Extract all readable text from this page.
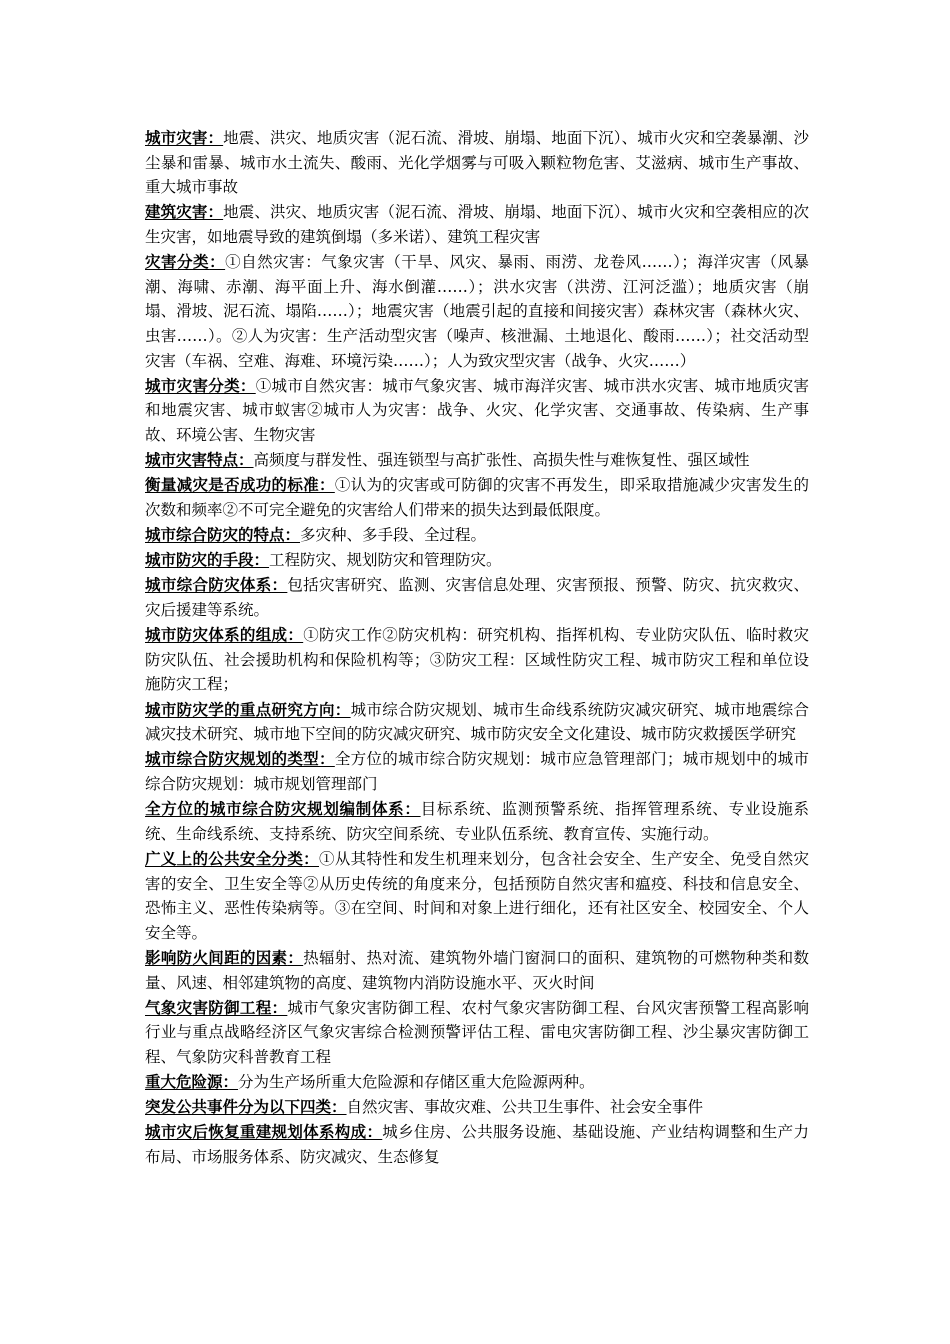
城市灾害：地震、洪灾、地质灾害（泥石流、滑坡、崩塌、地面下沉）、城市火灾和空袭暴潮、沙尘暴和雷暴、城市水土流失、酸雨、光化学烟雾与可吸入颗粒物危害、艾滋病、城市生产事故、重大城市事故

建筑灾害：地震、洪灾、地质灾害（泥石流、滑坡、崩塌、地面下沉）、城市火灾和空袭相应的次生灾害，如地震导致的建筑倒塌（多米诺）、建筑工程灾害

灾害分类：①自然灾害：气象灾害（干旱、风灾、暴雨、雨涝、龙卷风……）；海洋灾害（风暴潮、海啸、赤潮、海平面上升、海水倒灌……）；洪水灾害（洪涝、江河泛滥）；地质灾害（崩塌、滑坡、泥石流、塌陷……）；地震灾害（地震引起的直接和间接灾害）森林灾害（森林火灾、虫害……）。②人为灾害：生产活动型灾害（噪声、核泄漏、土地退化、酸雨……）；社交活动型灾害（车祸、空难、海难、环境污染……）；人为致灾型灾害（战争、火灾……）

城市灾害分类：①城市自然灾害：城市气象灾害、城市海洋灾害、城市洪水灾害、城市地质灾害和地震灾害、城市蚁害②城市人为灾害：战争、火灾、化学灾害、交通事故、传染病、生产事故、环境公害、生物灾害

城市灾害特点：高频度与群发性、强连锁型与高扩张性、高损失性与难恢复性、强区域性

衡量减灾是否成功的标准：①认为的灾害或可防御的灾害不再发生，即采取措施减少灾害发生的次数和频率②不可完全避免的灾害给人们带来的损失达到最低限度。

城市综合防灾的特点：多灾种、多手段、全过程。

城市防灾的手段：工程防灾、规划防灾和管理防灾。

城市综合防灾体系：包括灾害研究、监测、灾害信息处理、灾害预报、预警、防灾、抗灾救灾、灾后援建等系统。

城市防灾体系的组成：①防灾工作②防灾机构：研究机构、指挥机构、专业防灾队伍、临时救灾防灾队伍、社会援助机构和保险机构等；③防灾工程：区域性防灾工程、城市防灾工程和单位设施防灾工程；

城市防灾学的重点研究方向：城市综合防灾规划、城市生命线系统防灾减灾研究、城市地震综合减灾技术研究、城市地下空间的防灾减灾研究、城市防灾安全文化建设、城市防灾救援医学研究

城市综合防灾规划的类型：全方位的城市综合防灾规划：城市应急管理部门；城市规划中的城市综合防灾规划：城市规划管理部门

全方位的城市综合防灾规划编制体系：目标系统、监测预警系统、指挥管理系统、专业设施系统、生命线系统、支持系统、防灾空间系统、专业队伍系统、教育宣传、实施行动。

广义上的公共安全分类：①从其特性和发生机理来划分，包含社会安全、生产安全、免受自然灾害的安全、卫生安全等②从历史传统的角度来分，包括预防自然灾害和瘟疫、科技和信息安全、恐怖主义、恶性传染病等。③在空间、时间和对象上进行细化，还有社区安全、校园安全、个人安全等。

影响防火间距的因素：热辐射、热对流、建筑物外墙门窗洞口的面积、建筑物的可燃物种类和数量、风速、相邻建筑物的高度、建筑物内消防设施水平、灭火时间

气象灾害防御工程：城市气象灾害防御工程、农村气象灾害防御工程、台风灾害预警工程高影响行业与重点战略经济区气象灾害综合检测预警评估工程、雷电灾害防御工程、沙尘暴灾害防御工程、气象防灾科普教育工程

重大危险源：分为生产场所重大危险源和存储区重大危险源两种。

突发公共事件分为以下四类：自然灾害、事故灾难、公共卫生事件、社会安全事件

城市灾后恢复重建规划体系构成：城乡住房、公共服务设施、基础设施、产业结构调整和生产力布局、市场服务体系、防灾减灾、生态修复
